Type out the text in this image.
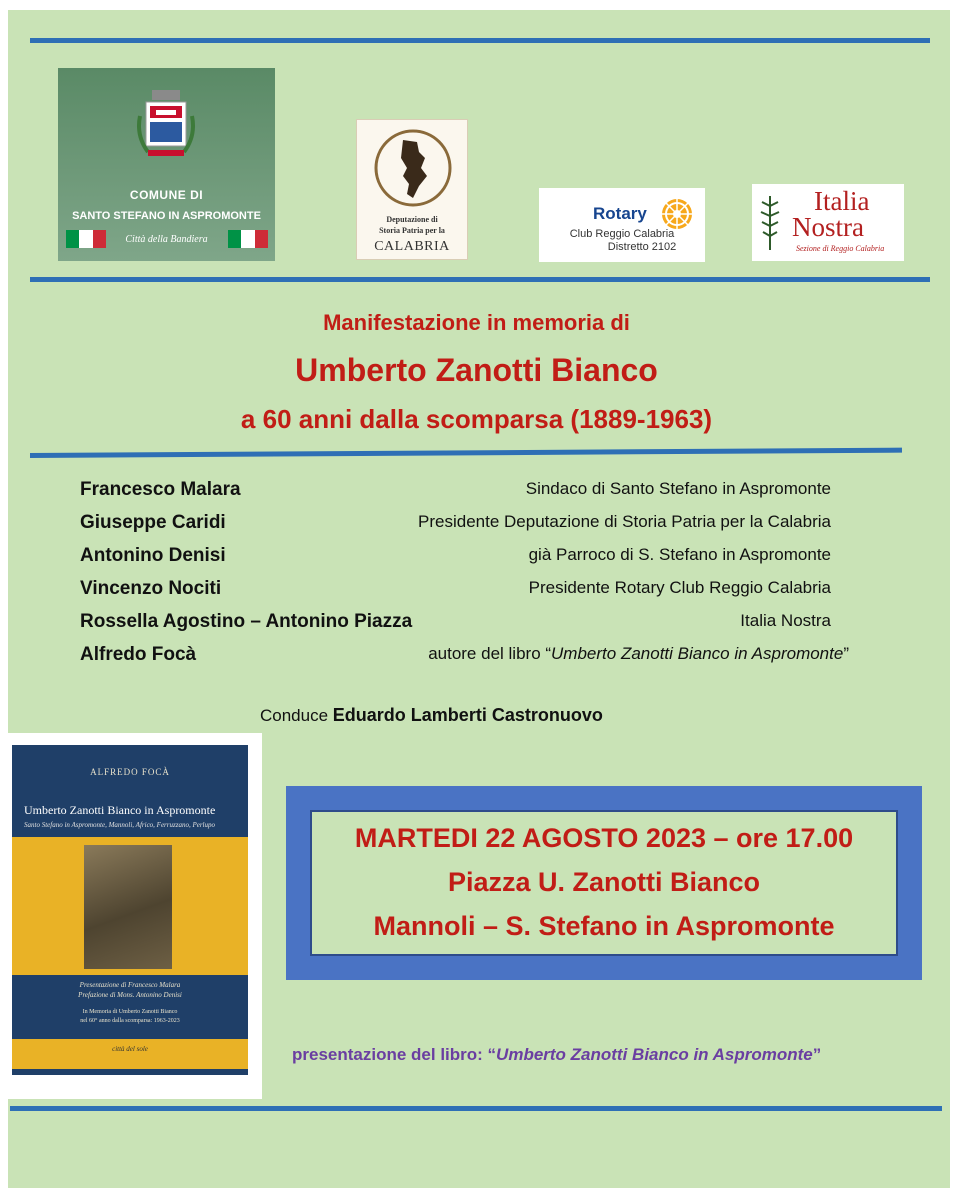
COMUNE DI
SANTO STEFANO IN ASPROMONTE
Città della Bandiera
Deputazione di
Storia Patria per la
CALABRIA
Rotary
Club Reggio Calabria
Distretto 2102
Italia
Nostra
Sezione di Reggio Calabria
Manifestazione in memoria di
Umberto Zanotti Bianco
a 60 anni dalla scomparsa (1889-1963)
Francesco Malara	Sindaco di Santo Stefano in Aspromonte
Giuseppe Caridi	Presidente Deputazione di Storia Patria per la Calabria
Antonino Denisi	già Parroco di S. Stefano in Aspromonte
Vincenzo Nociti	Presidente Rotary Club Reggio Calabria
Rossella Agostino – Antonino Piazza	Italia Nostra
Alfredo Focà	autore del libro “Umberto Zanotti Bianco in Aspromonte”
Conduce Eduardo Lamberti Castronuovo
ALFREDO FOCÀ
Umberto Zanotti Bianco in Aspromonte
Santo Stefano in Aspromonte, Mannoli, Africo, Ferruzzano, Perlupo
Presentazione di Francesco Malara
Prefazione di Mons. Antonino Denisi
In Memoria di Umberto Zanotti Bianco
nel 60° anno dalla scomparsa: 1963-2023
città del sole
MARTEDI 22 AGOSTO 2023 – ore 17.00
Piazza U. Zanotti Bianco
Mannoli – S. Stefano in Aspromonte
presentazione del libro: “Umberto Zanotti Bianco in Aspromonte”
